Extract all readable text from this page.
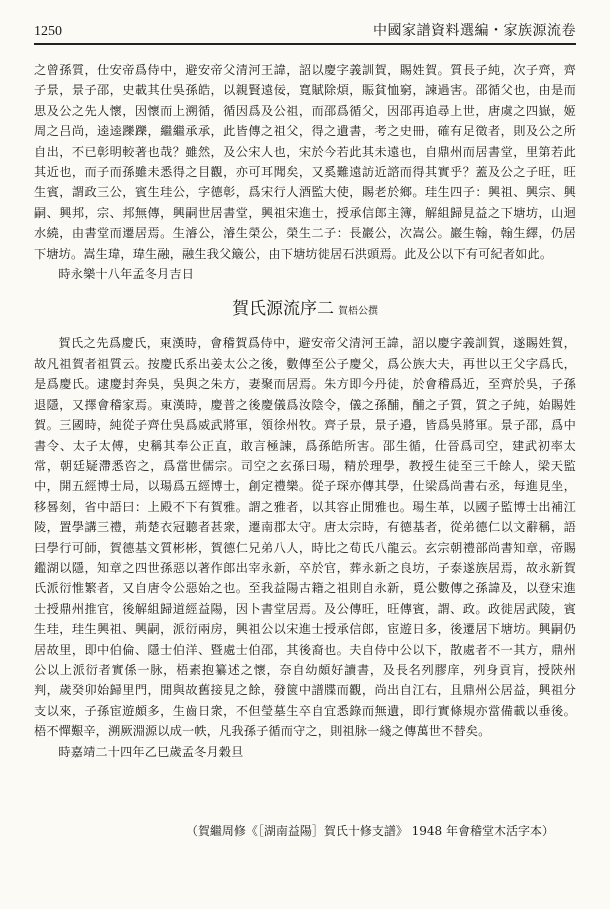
1250	中國家譜資料選編・家族源流卷

之曾孫質，仕安帝爲侍中，避安帝父清河王諱，詔以慶字義訓賀，賜姓賀。質長子純，次子齊，齊子景，景子邵，史載其仕吳孫皓，以親賢遠佞，寬賦除煩，賑貧恤窮，諫過害。邵循父也，由是而思及公之先人懷，因懷而上溯循，循因爲及公祖，而邵爲循父，因邵再追尋上世，唐虞之四嶽，姬周之吕尚，逵逵躒躒，繼繼承承，此皆傳之祖父，得之遺書，考之史冊，確有足徵者，則及公之所自出，不已彰明較著也哉？雖然，及公宋人也，宋於今若此其未遠也，自鼎州而居書堂，里第若此其近也，而子而孫雖未悉得之目觀，亦可耳聞矣，又奚難遠訪近諮而得其實乎？蓋及公之子旺，旺生賓，謂政三公，賓生珪公，字德彰，爲宋行人酒監大使，賜老於鄉。珪生四子：興祖、興宗、興嗣、興邦，宗、邦無傳，興嗣世居書堂，興祖宋進士，授承信郎主簿，解組歸見益之下塘坊，山迴水繞，由書堂而遷居焉。生濬公，濬生榮公，榮生二子：長巖公，次嵩公。巖生翰，翰生繹，仍居下塘坊。嵩生瑋，瑋生融，融生我父簸公，由下塘坊徙居石洪頭焉。此及公以下有可紀者如此。

時永樂十八年孟冬月吉日

賀氏源流序二 賀梧公撰

賀氏之先爲慶氏，東漢時，會稽賀爲侍中，避安帝父清河王諱，詔以慶字義訓賀，遂賜姓賀，故凡祖賀者祖質云。按慶氏系出姜太公之後，數傳至公子慶父，爲公族大夫，再世以王父字爲氏，是爲慶氏。逮慶封奔吳，吳與之朱方，妻聚而居焉。朱方即今丹徒，於會稽爲近，至齊於吳，子孫退隱，又擇會稽家焉。東漢時，慶普之後慶儀爲汝陰令，儀之孫酺，酺之子質，質之子純，始賜姓賀。三國時，純從子齊仕吳爲威武將軍，領徐州牧。齊子景，景子邉，皆爲吳將軍。景子邵，爲中書令、太子太傅，史稱其奉公正直，敢言極諫，爲孫皓所害。邵生循，仕晉爲司空，建武初率太常，朝廷疑滯悉咨之，爲當世儒宗。司空之玄孫曰瑒，精於理學，教授生徒至三千餘人，梁天監中，開五經博士局，以瑒爲五經博士，創定禮樂。從子琛亦傳其學，仕梁爲尚書右丞，每進見坐，移晷刻，省中語曰：上殿不下有賀雅。謂之雅者，以其容止閒雅也。瑒生革，以國子監博士出補江陵，置學講三禮，荊楚衣冠聽者甚衆，遷南郡太守。唐太宗時，有德基者，從弟德仁以文辭稱，語曰學行可師，賀德基文質彬彬，賀德仁兄弟八人，時比之荀氏八龍云。玄宗朝禮部尚書知章，帝賜鑑湖以隱，知章之四世孫惡以著作郎出宰永新，卒於官，葬永新之良坊，子泰遂族居焉，故永新賀氏派衍惟繁者，又自唐令公惡始之也。至我益陽古籍之祖則自永新，覓公數傳之孫諱及，以登宋進士授鼎州推官，後解組歸道經益陽，因卜書堂居焉。及公傳旺，旺傳賓，謂、政。政徙居武陵，賓生珪，珪生興祖、興嗣，派衍兩房，興祖公以宋進士授承信郎，宦遊日多，後遷居下塘坊。興嗣仍居故里，即中伯倫、隱士伯洋、暨處士伯邵，其後裔也。夫自侍中公以下，散處者不一其方，鼎州公以上派衍者實係一脉，梧素抱纂述之懷，奈自幼頗好讀書，及長名列膠庠，列身貢肓，授陝州判，歲癸卯始歸里門，閒與故舊接見之餘，發篋中譜牒而觀，尚出自江右，且鼎州公居益，興祖分支以來，子孫宦遊頗多，生齒日衆，不但瑩墓生卒自宜悉錄而無遺，即行實條規亦當備載以垂後。梧不憚艱辛，溯厥淵源以成一帙，凡我孫子循而守之，則祖脉一綫之傳萬世不替矣。

時嘉靖二十四年乙巳歲孟冬月穀旦

（賀繼周修《［湖南益陽］賀氏十修支譜》 1948 年會稽堂木活字本）
